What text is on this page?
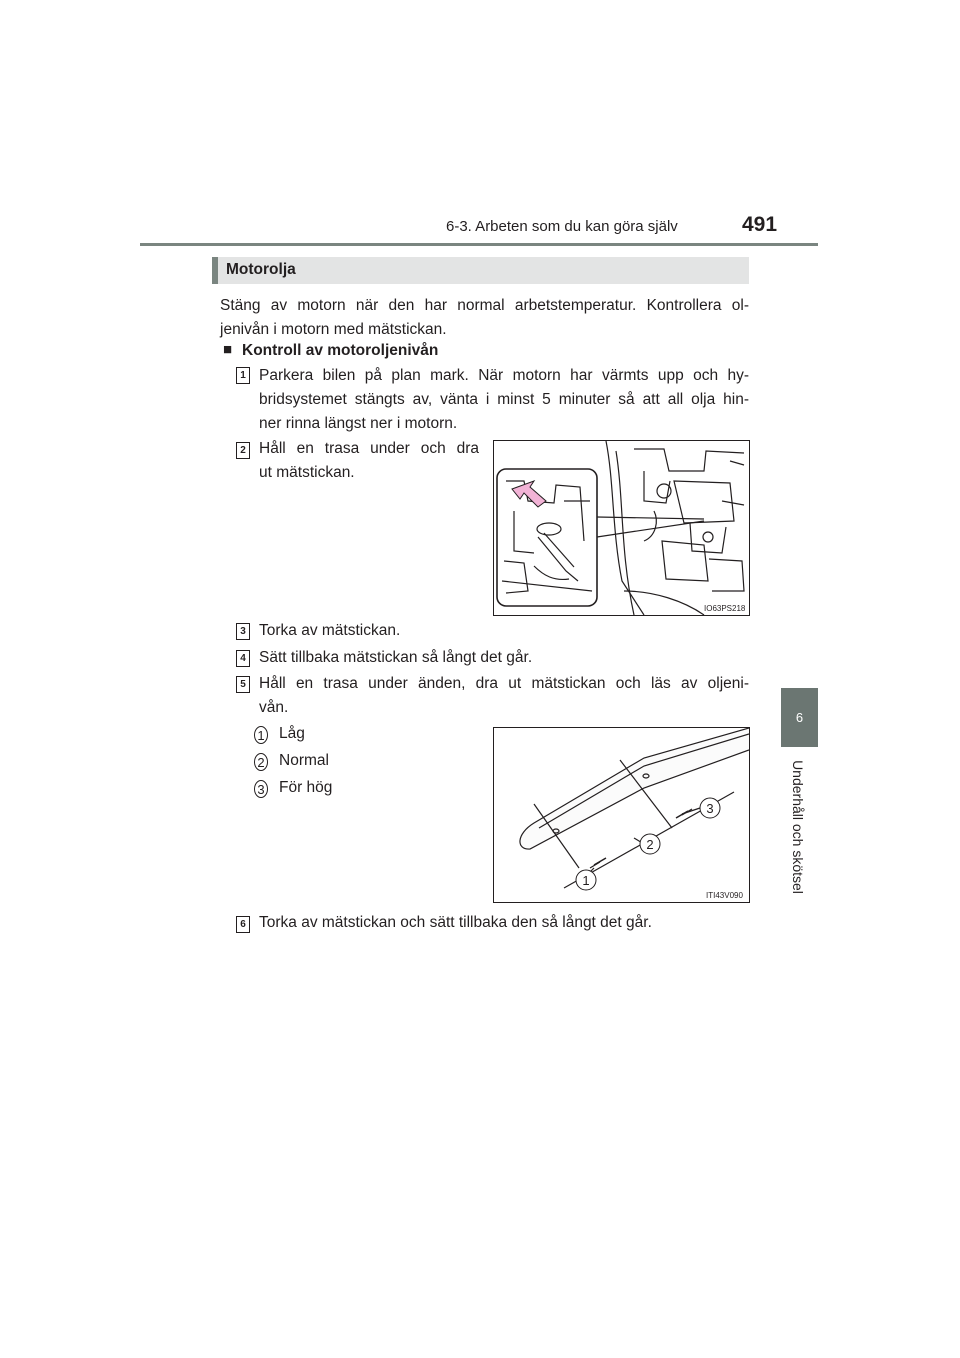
6-3. Arbeten som du kan göra själv	491
6
Underhåll och skötsel
Motorolja
Stäng av motorn när den har normal arbetstemperatur. Kontrollera ol-
jenivån i motorn med mätstickan.
■ Kontroll av motoroljenivån
1 Parkera bilen på plan mark. När motorn har värmts upp och hy-
bridsystemet stängts av, vänta i minst 5 minuter så att all olja hin-
ner rinna längst ner i motorn.
2 Håll en trasa under och dra
ut mätstickan.
IO63PS218
3 Torka av mätstickan.
4 Sätt tillbaka mätstickan så långt det går.
5 Håll en trasa under änden, dra ut mätstickan och läs av oljeni-
vån.
1 Låg
2 Normal
3 För hög
1
2
3
ITI43V090
6 Torka av mätstickan och sätt tillbaka den så långt det går.
